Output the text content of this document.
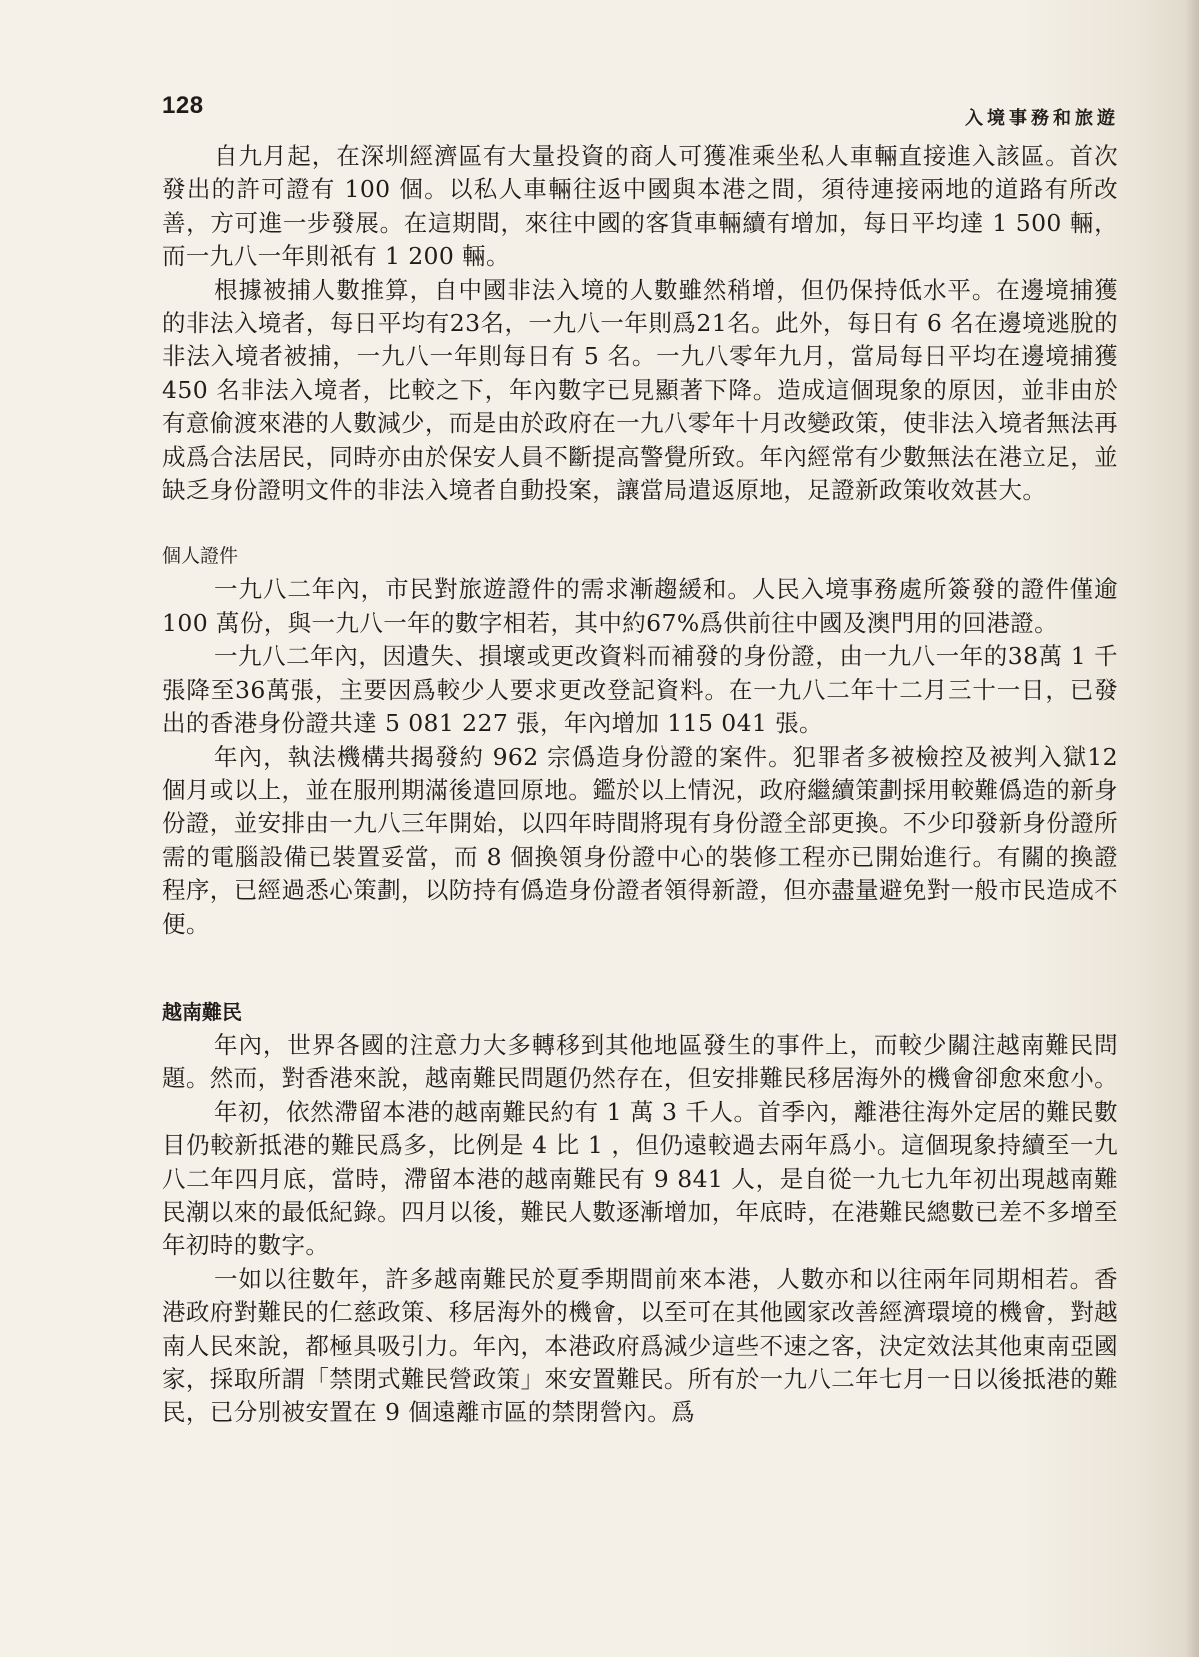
128	入境事務和旅遊

自九月起，在深圳經濟區有大量投資的商人可獲准乘坐私人車輛直接進入該區。首次發出的許可證有 100 個。以私人車輛往返中國與本港之間，須待連接兩地的道路有所改善，方可進一步發展。在這期間，來往中國的客貨車輛續有增加，每日平均達 1 500 輛，而一九八一年則祇有 1 200 輛。

根據被捕人數推算，自中國非法入境的人數雖然稍增，但仍保持低水平。在邊境捕獲的非法入境者，每日平均有23名，一九八一年則爲21名。此外，每日有 6 名在邊境逃脫的非法入境者被捕，一九八一年則每日有 5 名。一九八零年九月，當局每日平均在邊境捕獲 450 名非法入境者，比較之下，年內數字已見顯著下降。造成這個現象的原因，並非由於有意偷渡來港的人數減少，而是由於政府在一九八零年十月改變政策，使非法入境者無法再成爲合法居民，同時亦由於保安人員不斷提高警覺所致。年內經常有少數無法在港立足，並缺乏身份證明文件的非法入境者自動投案，讓當局遣返原地，足證新政策收效甚大。

個人證件

一九八二年內，市民對旅遊證件的需求漸趨緩和。人民入境事務處所簽發的證件僅逾 100 萬份，與一九八一年的數字相若，其中約67%爲供前往中國及澳門用的回港證。

一九八二年內，因遺失、損壞或更改資料而補發的身份證，由一九八一年的38萬 1 千張降至36萬張，主要因爲較少人要求更改登記資料。在一九八二年十二月三十一日，已發出的香港身份證共達 5 081 227 張，年內增加 115 041 張。

年內，執法機構共揭發約 962 宗僞造身份證的案件。犯罪者多被檢控及被判入獄12個月或以上，並在服刑期滿後遣回原地。鑑於以上情況，政府繼續策劃採用較難僞造的新身份證，並安排由一九八三年開始，以四年時間將現有身份證全部更換。不少印發新身份證所需的電腦設備已裝置妥當，而 8 個換領身份證中心的裝修工程亦已開始進行。有關的換證程序，已經過悉心策劃，以防持有僞造身份證者領得新證，但亦盡量避免對一般市民造成不便。

越南難民

年內，世界各國的注意力大多轉移到其他地區發生的事件上，而較少關注越南難民問題。然而，對香港來說，越南難民問題仍然存在，但安排難民移居海外的機會卻愈來愈小。

年初，依然滯留本港的越南難民約有 1 萬 3 千人。首季內，離港往海外定居的難民數目仍較新抵港的難民爲多，比例是 4 比 1 ，但仍遠較過去兩年爲小。這個現象持續至一九八二年四月底，當時，滯留本港的越南難民有 9 841 人，是自從一九七九年初出現越南難民潮以來的最低紀錄。四月以後，難民人數逐漸增加，年底時，在港難民總數已差不多增至年初時的數字。

一如以往數年，許多越南難民於夏季期間前來本港，人數亦和以往兩年同期相若。香港政府對難民的仁慈政策、移居海外的機會，以至可在其他國家改善經濟環境的機會，對越南人民來說，都極具吸引力。年內，本港政府爲減少這些不速之客，決定效法其他東南亞國家，採取所謂「禁閉式難民營政策」來安置難民。所有於一九八二年七月一日以後抵港的難民，已分別被安置在 9 個遠離市區的禁閉營內。爲
